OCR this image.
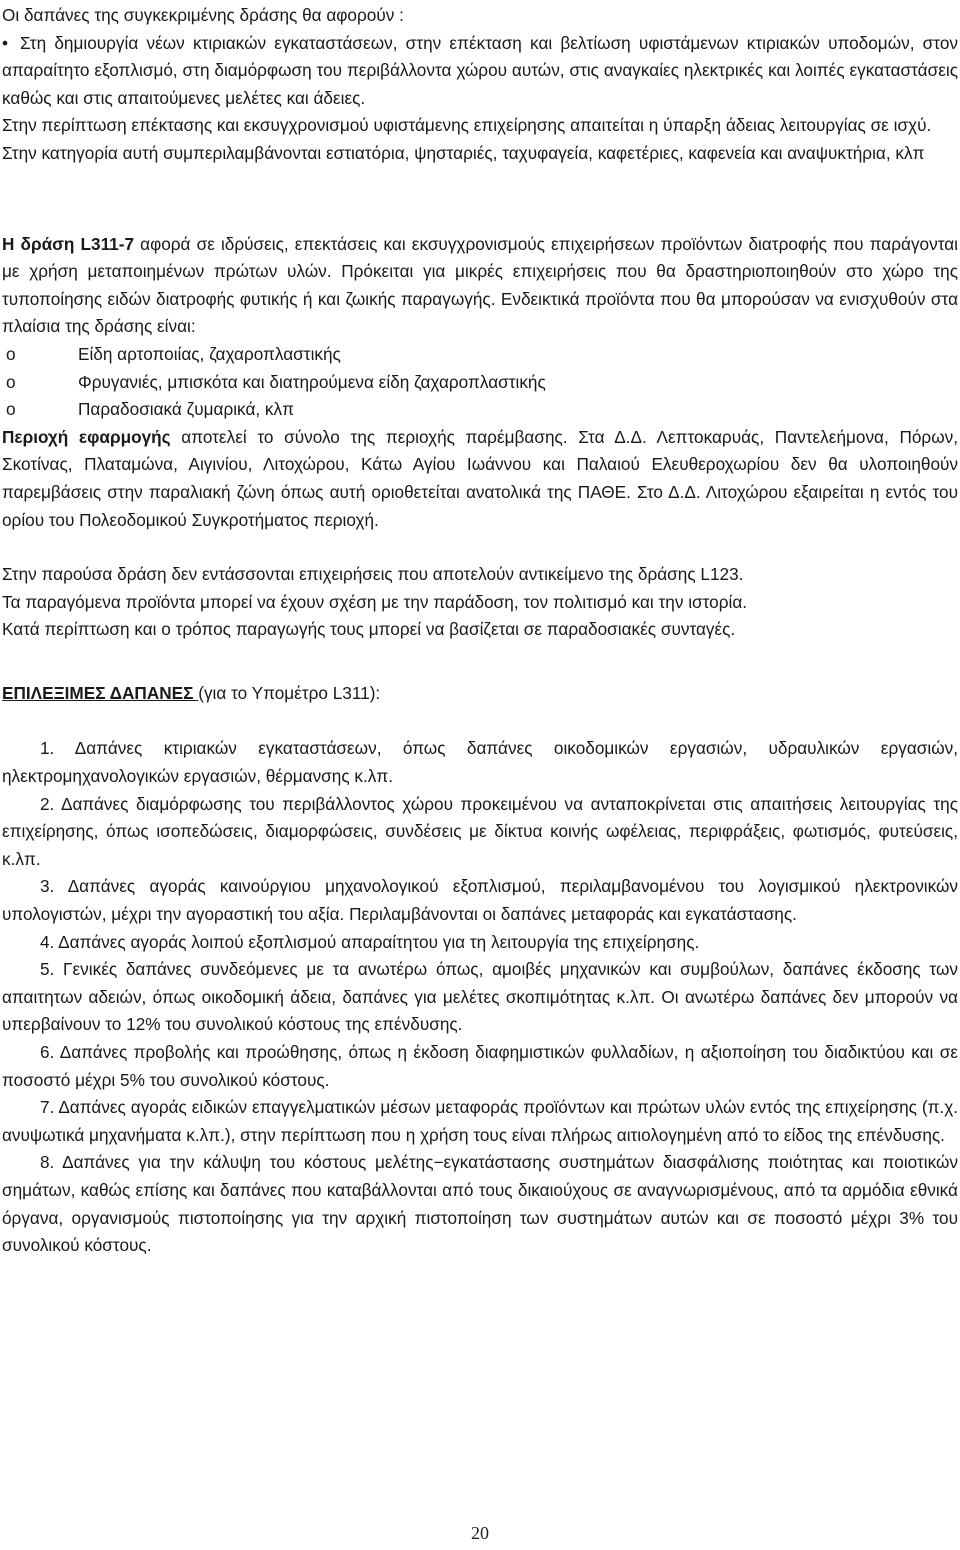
Οι δαπάνες της συγκεκριμένης δράσης θα αφορούν :

• Στη δημιουργία νέων κτιριακών εγκαταστάσεων, στην επέκταση και βελτίωση υφιστάμενων κτιριακών υποδομών, στον απαραίτητο εξοπλισμό, στη διαμόρφωση του περιβάλλοντα χώρου αυτών, στις αναγκαίες ηλεκτρικές και λοιπές εγκαταστάσεις καθώς και στις απαιτούμενες μελέτες και άδειες.

Στην περίπτωση επέκτασης και εκσυγχρονισμού υφιστάμενης επιχείρησης απαιτείται η ύπαρξη άδειας λειτουργίας σε ισχύ.

Στην κατηγορία αυτή συμπεριλαμβάνονται εστιατόρια, ψησταριές, ταχυφαγεία, καφετέριες, καφενεία και αναψυκτήρια, κλπ

Η δράση L311-7 αφορά σε ιδρύσεις, επεκτάσεις και εκσυγχρονισμούς επιχειρήσεων προϊόντων διατροφής που παράγονται με χρήση μεταποιημένων πρώτων υλών. Πρόκειται για μικρές επιχειρήσεις που θα δραστηριοποιηθούν στο χώρο της τυποποίησης ειδών διατροφής φυτικής ή και ζωικής παραγωγής. Ενδεικτικά προϊόντα που θα μπορούσαν να ενισχυθούν στα πλαίσια της δράσης είναι:

o	Είδη αρτοποιίας, ζαχαροπλαστικής
o	Φρυγανιές, μπισκότα και διατηρούμενα είδη ζαχαροπλαστικής
o	Παραδοσιακά ζυμαρικά, κλπ

Περιοχή εφαρμογής αποτελεί το σύνολο της περιοχής παρέμβασης. Στα Δ.Δ. Λεπτοκαρυάς, Παντελεήμονα, Πόρων, Σκοτίνας, Πλαταμώνα, Αιγινίου, Λιτοχώρου, Κάτω Αγίου Ιωάννου και Παλαιού Ελευθεροχωρίου δεν θα υλοποιηθούν παρεμβάσεις στην παραλιακή ζώνη όπως αυτή οριοθετείται ανατολικά της ΠΑΘΕ. Στο Δ.Δ. Λιτοχώρου εξαιρείται η εντός του ορίου του Πολεοδομικού Συγκροτήματος περιοχή.

Στην παρούσα δράση δεν εντάσσονται επιχειρήσεις που αποτελούν αντικείμενο της δράσης L123.

Τα παραγόμενα προϊόντα μπορεί να έχουν σχέση με την παράδοση, τον πολιτισμό και την ιστορία.

Κατά περίπτωση και ο τρόπος παραγωγής τους μπορεί να βασίζεται σε παραδοσιακές συνταγές.

ΕΠΙΛΕΞΙΜΕΣ ΔΑΠΑΝΕΣ (για το Υπομέτρο L311):

1. Δαπάνες κτιριακών εγκαταστάσεων, όπως δαπάνες οικοδομικών εργασιών, υδραυλικών εργασιών, ηλεκτρομηχανολογικών εργασιών, θέρμανσης κ.λπ.

2. Δαπάνες διαμόρφωσης του περιβάλλοντος χώρου προκειμένου να ανταποκρίνεται στις απαιτήσεις λειτουργίας της επιχείρησης, όπως ισοπεδώσεις, διαμορφώσεις, συνδέσεις με δίκτυα κοινής ωφέλειας, περιφράξεις, φωτισμός, φυτεύσεις, κ.λπ.

3. Δαπάνες αγοράς καινούργιου μηχανολογικού εξοπλισμού, περιλαμβανομένου του λογισμικού ηλεκτρονικών υπολογιστών, μέχρι την αγοραστική του αξία. Περιλαμβάνονται οι δαπάνες μεταφοράς και εγκατάστασης.

4. Δαπάνες αγοράς λοιπού εξοπλισμού απαραίτητου για τη λειτουργία της επιχείρησης.

5. Γενικές δαπάνες συνδεόμενες με τα ανωτέρω όπως, αμοιβές μηχανικών και συμβούλων, δαπάνες έκδοσης των απαιτητων αδειών, όπως οικοδομική άδεια, δαπάνες για μελέτες σκοπιμότητας κ.λπ. Οι ανωτέρω δαπάνες δεν μπορούν να υπερβαίνουν το 12% του συνολικού κόστους της επένδυσης.

6. Δαπάνες προβολής και προώθησης, όπως η έκδοση διαφημιστικών φυλλαδίων, η αξιοποίηση του διαδικτύου και σε ποσοστό μέχρι 5% του συνολικού κόστους.

7. Δαπάνες αγοράς ειδικών επαγγελματικών μέσων μεταφοράς προϊόντων και πρώτων υλών εντός της επιχείρησης (π.χ. ανυψωτικά μηχανήματα κ.λπ.), στην περίπτωση που η χρήση τους είναι πλήρως αιτιολογημένη από το είδος της επένδυσης.

8. Δαπάνες για την κάλυψη του κόστους μελέτης−εγκατάστασης συστημάτων διασφάλισης ποιότητας και ποιοτικών σημάτων, καθώς επίσης και δαπάνες που καταβάλλονται από τους δικαιούχους σε αναγνωρισμένους, από τα αρμόδια εθνικά όργανα, οργανισμούς πιστοποίησης για την αρχική πιστοποίηση των συστημάτων αυτών και σε ποσοστό μέχρι 3% του συνολικού κόστους.

20
